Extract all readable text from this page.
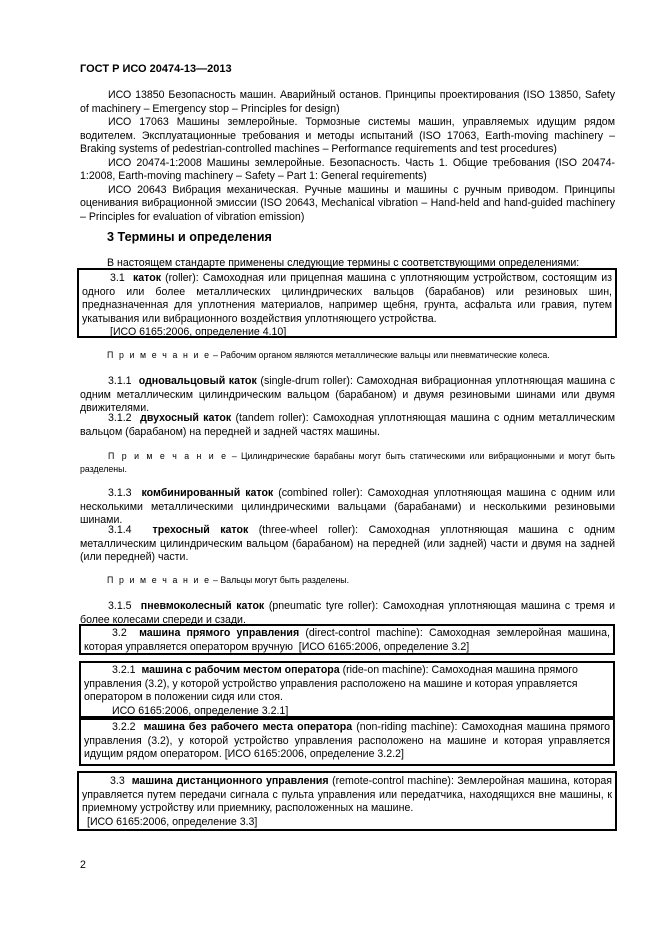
ГОСТ Р ИСО 20474-13—2013
ИСО 13850 Безопасность машин. Аварийный останов. Принципы проектирования (ISO 13850, Safety of machinery – Emergency stop – Principles for design)
ИСО 17063 Машины землеройные. Тормозные системы машин, управляемых идущим рядом водителем. Эксплуатационные требования и методы испытаний (ISO 17063, Earth-moving machinery – Braking systems of pedestrian-controlled machines – Performance requirements and test procedures)
ИСО 20474-1:2008 Машины землеройные. Безопасность. Часть 1. Общие требования (ISO 20474-1:2008, Earth-moving machinery – Safety – Part 1: General requirements)
ИСО 20643 Вибрация механическая. Ручные машины и машины с ручным приводом. Принципы оценивания вибрационной эмиссии (ISO 20643, Mechanical vibration – Hand-held and hand-guided machinery – Principles for evaluation of vibration emission)
3 Термины и определения
В настоящем стандарте применены следующие термины с соответствующими определениями:
3.1 каток (roller): Самоходная или прицепная машина с уплотняющим устройством, состоящим из одного или более металлических цилиндрических вальцов (барабанов) или резиновых шин, предназначенная для уплотнения материалов, например щебня, грунта, асфальта или гравия, путем укатывания или вибрационного воздействия уплотняющего устройства.
[ИСО 6165:2006, определение 4.10]
П р и м е ч а н и е – Рабочим органом являются металлические вальцы или пневматические колеса.
3.1.1 одновальцовый каток (single-drum roller): Самоходная вибрационная уплотняющая машина с одним металлическим цилиндрическим вальцом (барабаном) и двумя резиновыми шинами или двумя движителями.
3.1.2 двухосный каток (tandem roller): Самоходная уплотняющая машина с одним металлическим вальцом (барабаном) на передней и задней частях машины.
П р и м е ч а н и е – Цилиндрические барабаны могут быть статическими или вибрационными и могут быть разделены.
3.1.3 комбинированный каток (combined roller): Самоходная уплотняющая машина с одним или несколькими металлическими цилиндрическими вальцами (барабанами) и несколькими резиновыми шинами.
3.1.4 трехосный каток (three-wheel roller): Самоходная уплотняющая машина с одним металлическим цилиндрическим вальцом (барабаном) на передней (или задней) части и двумя на задней (или передней) части.
П р и м е ч а н и е – Вальцы могут быть разделены.
3.1.5 пневмоколесный каток (pneumatic tyre roller): Самоходная уплотняющая машина с тремя и более колесами спереди и сзади.
3.2 машина прямого управления (direct-control machine): Самоходная землеройная машина, которая управляется оператором вручную [ИСО 6165:2006, определение 3.2]
3.2.1 машина с рабочим местом оператора (ride-on machine): Самоходная машина прямого управления (3.2), у которой устройство управления расположено на машине и которая управляется оператором в положении сидя или стоя.
ИСО 6165:2006, определение 3.2.1]
3.2.2 машина без рабочего места оператора (non-riding machine): Самоходная машина прямого управления (3.2), у которой устройство управления расположено на машине и которая управляется идущим рядом оператором. [ИСО 6165:2006, определение 3.2.2]
3.3 машина дистанционного управления (remote-control machine): Землеройная машина, которая управляется путем передачи сигнала с пульта управления или передатчика, находящихся вне машины, к приемному устройству или приемнику, расположенных на машине.
[ИСО 6165:2006, определение 3.3]
2
